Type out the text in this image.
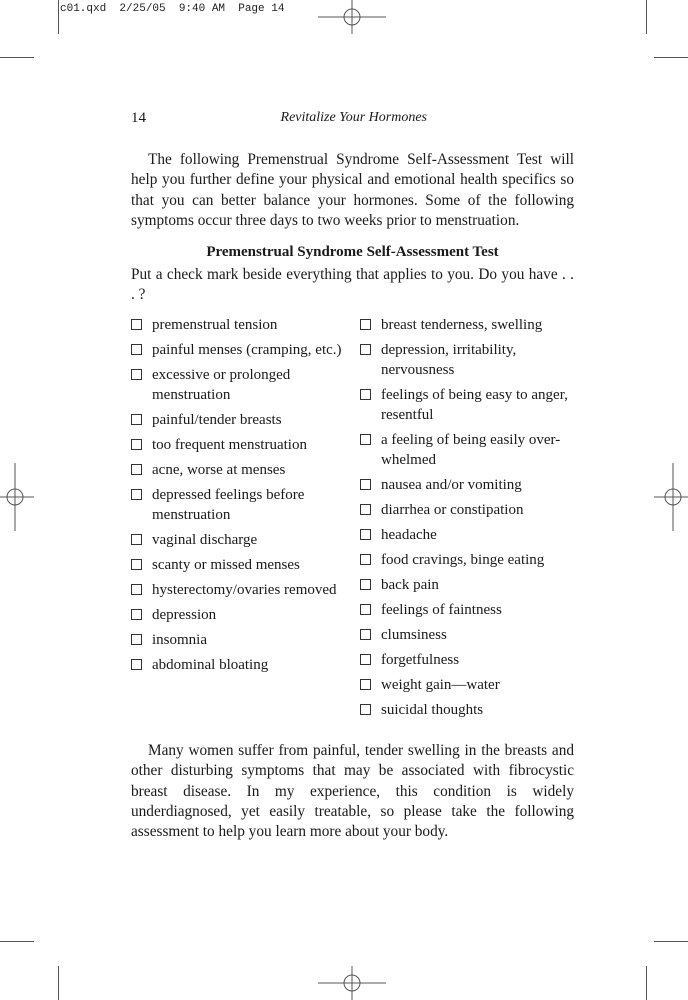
c01.qxd  2/25/05  9:40 AM  Page 14
14	Revitalize Your Hormones

The following Premenstrual Syndrome Self-Assessment Test will help you further define your physical and emotional health specifics so that you can better balance your hormones. Some of the following symptoms occur three days to two weeks prior to menstruation.

Premenstrual Syndrome Self-Assessment Test

Put a check mark beside everything that applies to you. Do you have . . . ?

premenstrual tension
painful menses (cramping, etc.)
excessive or prolonged menstruation
painful/tender breasts
too frequent menstruation
acne, worse at menses
depressed feelings before menstruation
vaginal discharge
scanty or missed menses
hysterectomy/ovaries removed
depression
insomnia
abdominal bloating
breast tenderness, swelling
depression, irritability, nervousness
feelings of being easy to anger, resentful
a feeling of being easily over-whelmed
nausea and/or vomiting
diarrhea or constipation
headache
food cravings, binge eating
back pain
feelings of faintness
clumsiness
forgetfulness
weight gain—water
suicidal thoughts

Many women suffer from painful, tender swelling in the breasts and other disturbing symptoms that may be associated with fibrocystic breast disease. In my experience, this condition is widely underdiagnosed, yet easily treatable, so please take the following assessment to help you learn more about your body.
